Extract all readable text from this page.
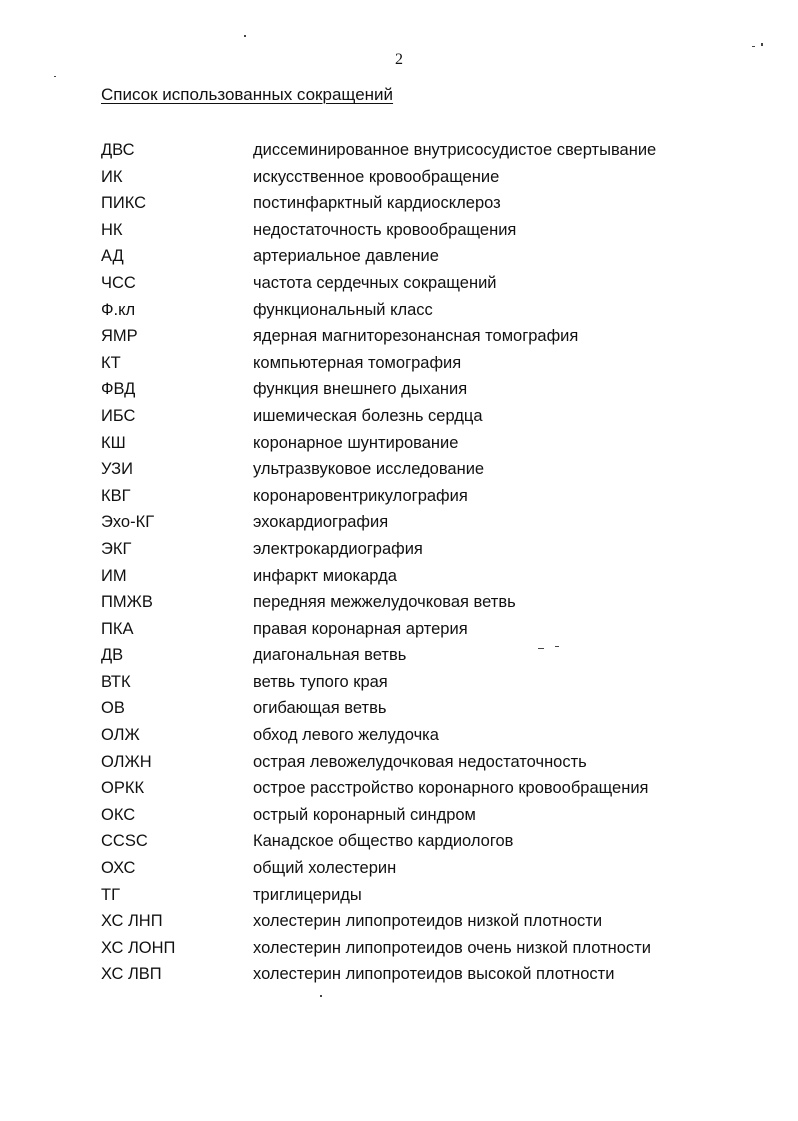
2
Список использованных сокращений
ДВС	диссеминированное внутрисосудистое свертывание
ИК	искусственное кровообращение
ПИКС	постинфарктный кардиосклероз
НК	недостаточность кровообращения
АД	артериальное давление
ЧСС	частота сердечных сокращений
Ф.кл	функциональный класс
ЯМР	ядерная магниторезонансная томография
КТ	компьютерная томография
ФВД	функция внешнего дыхания
ИБС	ишемическая болезнь сердца
КШ	коронарное шунтирование
УЗИ	ультразвуковое исследование
КВГ	коронаровентрикулография
Эхо-КГ	эхокардиография
ЭКГ	электрокардиография
ИМ	инфаркт миокарда
ПМЖВ	передняя межжелудочковая ветвь
ПКА	правая коронарная артерия
ДВ	диагональная ветвь
ВТК	ветвь тупого края
ОВ	огибающая ветвь
ОЛЖ	обход левого желудочка
ОЛЖН	острая левожелудочковая недостаточность
ОРКК	острое расстройство коронарного кровообращения
ОКС	острый коронарный синдром
CCSC	Канадское общество кардиологов
ОХС	общий холестерин
ТГ	триглицериды
ХС ЛНП	холестерин липопротеидов низкой плотности
ХС ЛОНП	холестерин липопротеидов очень низкой плотности
ХС ЛВП	холестерин липопротеидов высокой плотности
